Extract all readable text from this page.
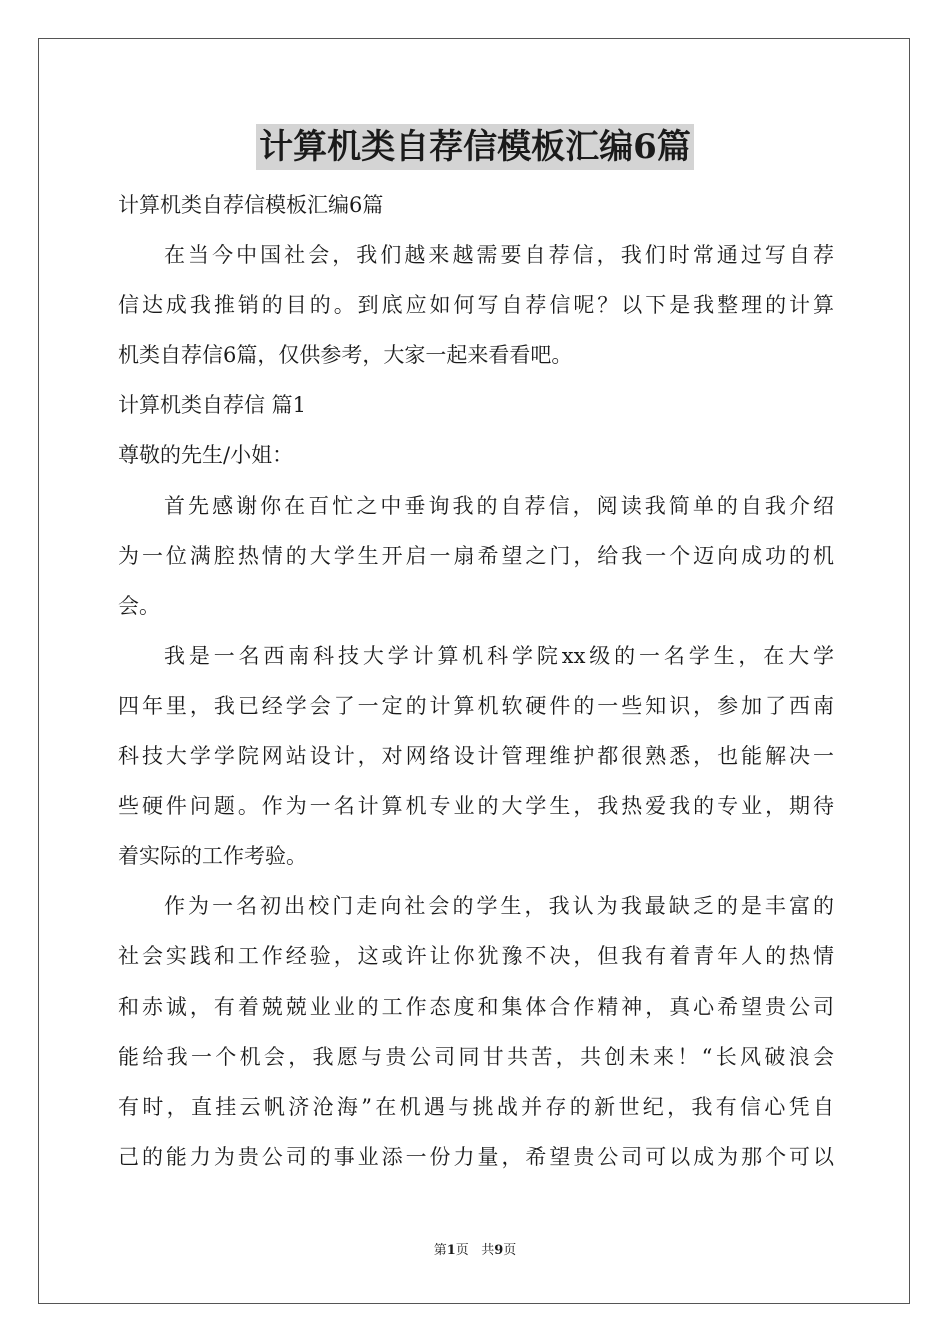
计算机类自荐信模板汇编6篇
计算机类自荐信模板汇编6篇
在当今中国社会，我们越来越需要自荐信，我们时常通过写自荐
信达成我推销的目的。到底应如何写自荐信呢？以下是我整理的计算
机类自荐信6篇，仅供参考，大家一起来看看吧。
计算机类自荐信 篇1
尊敬的先生/小姐：
首先感谢你在百忙之中垂询我的自荐信，阅读我简单的自我介绍
为一位满腔热情的大学生开启一扇希望之门，给我一个迈向成功的机
会。
我是一名西南科技大学计算机科学院xx级的一名学生，在大学
四年里，我已经学会了一定的计算机软硬件的一些知识，参加了西南
科技大学学院网站设计，对网络设计管理维护都很熟悉，也能解决一
些硬件问题。作为一名计算机专业的大学生，我热爱我的专业，期待
着实际的工作考验。
作为一名初出校门走向社会的学生，我认为我最缺乏的是丰富的
社会实践和工作经验，这或许让你犹豫不决，但我有着青年人的热情
和赤诚，有着兢兢业业的工作态度和集体合作精神，真心希望贵公司
能给我一个机会，我愿与贵公司同甘共苦，共创未来！“长风破浪会
有时，直挂云帆济沧海”在机遇与挑战并存的新世纪，我有信心凭自
己的能力为贵公司的事业添一份力量，希望贵公司可以成为那个可以
第1页 共9页
